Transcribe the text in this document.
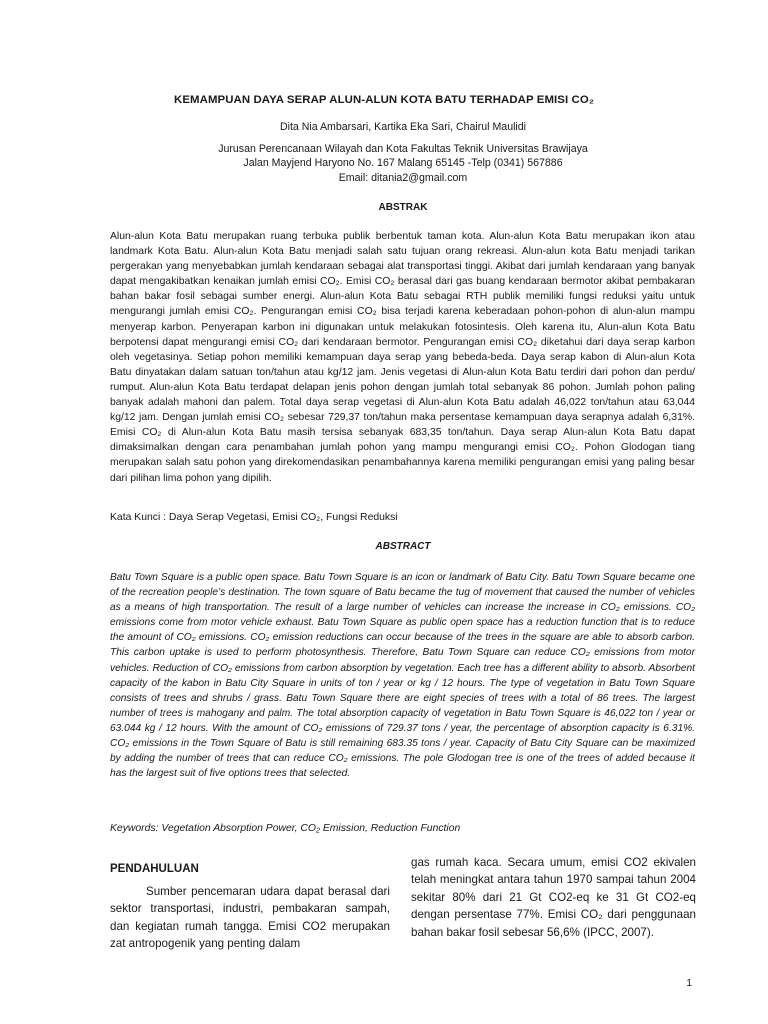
KEMAMPUAN DAYA SERAP ALUN-ALUN KOTA BATU TERHADAP EMISI CO₂
Dita Nia Ambarsari, Kartika Eka Sari, Chairul Maulidi
Jurusan Perencanaan Wilayah dan Kota Fakultas Teknik Universitas Brawijaya
Jalan Mayjend Haryono No. 167 Malang 65145 -Telp (0341) 567886
Email: ditania2@gmail.com
ABSTRAK
Alun-alun Kota Batu merupakan ruang terbuka publik berbentuk taman kota. Alun-alun Kota Batu merupakan ikon atau landmark Kota Batu. Alun-alun Kota Batu menjadi salah satu tujuan orang rekreasi. Alun-alun kota Batu menjadi tarikan pergerakan yang menyebabkan jumlah kendaraan sebagai alat transportasi tinggi. Akibat dari jumlah kendaraan yang banyak dapat mengakibatkan kenaikan jumlah emisi CO₂. Emisi CO₂ berasal dari gas buang kendaraan bermotor akibat pembakaran bahan bakar fosil sebagai sumber energi. Alun-alun Kota Batu sebagai RTH publik memiliki fungsi reduksi yaitu untuk mengurangi jumlah emisi CO₂. Pengurangan emisi CO₂ bisa terjadi karena keberadaan pohon-pohon di alun-alun mampu menyerap karbon. Penyerapan karbon ini digunakan untuk melakukan fotosintesis. Oleh karena itu, Alun-alun Kota Batu berpotensi dapat mengurangi emisi CO₂ dari kendaraan bermotor. Pengurangan emisi CO₂ diketahui dari daya serap karbon oleh vegetasinya. Setiap pohon memiliki kemampuan daya serap yang bebeda-beda. Daya serap kabon di Alun-alun Kota Batu dinyatakan dalam satuan ton/tahun atau kg/12 jam. Jenis vegetasi di Alun-alun Kota Batu terdiri dari pohon dan perdu/ rumput. Alun-alun Kota Batu terdapat delapan jenis pohon dengan jumlah total sebanyak 86 pohon. Jumlah pohon paling banyak adalah mahoni dan palem. Total daya serap vegetasi di Alun-alun Kota Batu adalah 46,022 ton/tahun atau 63,044 kg/12 jam. Dengan jumlah emisi CO₂ sebesar 729,37 ton/tahun maka persentase kemampuan daya serapnya adalah 6,31%. Emisi CO₂ di Alun-alun Kota Batu masih tersisa sebanyak 683,35 ton/tahun. Daya serap Alun-alun Kota Batu dapat dimaksimalkan dengan cara penambahan jumlah pohon yang mampu mengurangi emisi CO₂. Pohon Glodogan tiang merupakan salah satu pohon yang direkomendasikan penambahannya karena memiliki pengurangan emisi yang paling besar dari pilihan lima pohon yang dipilih.
Kata Kunci : Daya Serap Vegetasi, Emisi CO₂, Fungsi Reduksi
ABSTRACT
Batu Town Square is a public open space. Batu Town Square is an icon or landmark of Batu City. Batu Town Square became one of the recreation people’s destination. The town square of Batu became the tug of movement that caused the number of vehicles as a means of high transportation. The result of a large number of vehicles can increase the increase in CO₂ emissions. CO₂ emissions come from motor vehicle exhaust. Batu Town Square as public open space has a reduction function that is to reduce the amount of CO₂ emissions. CO₂ emission reductions can occur because of the trees in the square are able to absorb carbon. This carbon uptake is used to perform photosynthesis. Therefore, Batu Town Square can reduce CO₂ emissions from motor vehicles. Reduction of CO₂ emissions from carbon absorption by vegetation. Each tree has a different ability to absorb. Absorbent capacity of the kabon in Batu City Square in units of ton / year or kg / 12 hours. The type of vegetation in Batu Town Square consists of trees and shrubs / grass. Batu Town Square there are eight species of trees with a total of 86 trees. The largest number of trees is mahogany and palm. The total absorption capacity of vegetation in Batu Town Square is 46,022 ton / year or 63.044 kg / 12 hours. With the amount of CO₂ emissions of 729.37 tons / year, the percentage of absorption capacity is 6.31%. CO₂ emissions in the Town Square of Batu is still remaining 683.35 tons / year. Capacity of Batu City Square can be maximized by adding the number of trees that can reduce CO₂ emissions. The pole Glodogan tree is one of the trees of added because it has the largest suit of five options trees that selected.
Keywords: Vegetation Absorption Power, CO₂ Emission, Reduction Function
PENDAHULUAN
Sumber pencemaran udara dapat berasal dari sektor transportasi, industri, pembakaran sampah, dan kegiatan rumah tangga. Emisi CO2 merupakan zat antropogenik yang penting dalam
gas rumah kaca. Secara umum, emisi CO2 ekivalen telah meningkat antara tahun 1970 sampai tahun 2004 sekitar 80% dari 21 Gt CO2-eq ke 31 Gt CO2-eq dengan persentase 77%. Emisi CO₂ dari penggunaan bahan bakar fosil sebesar 56,6% (IPCC, 2007).
1
